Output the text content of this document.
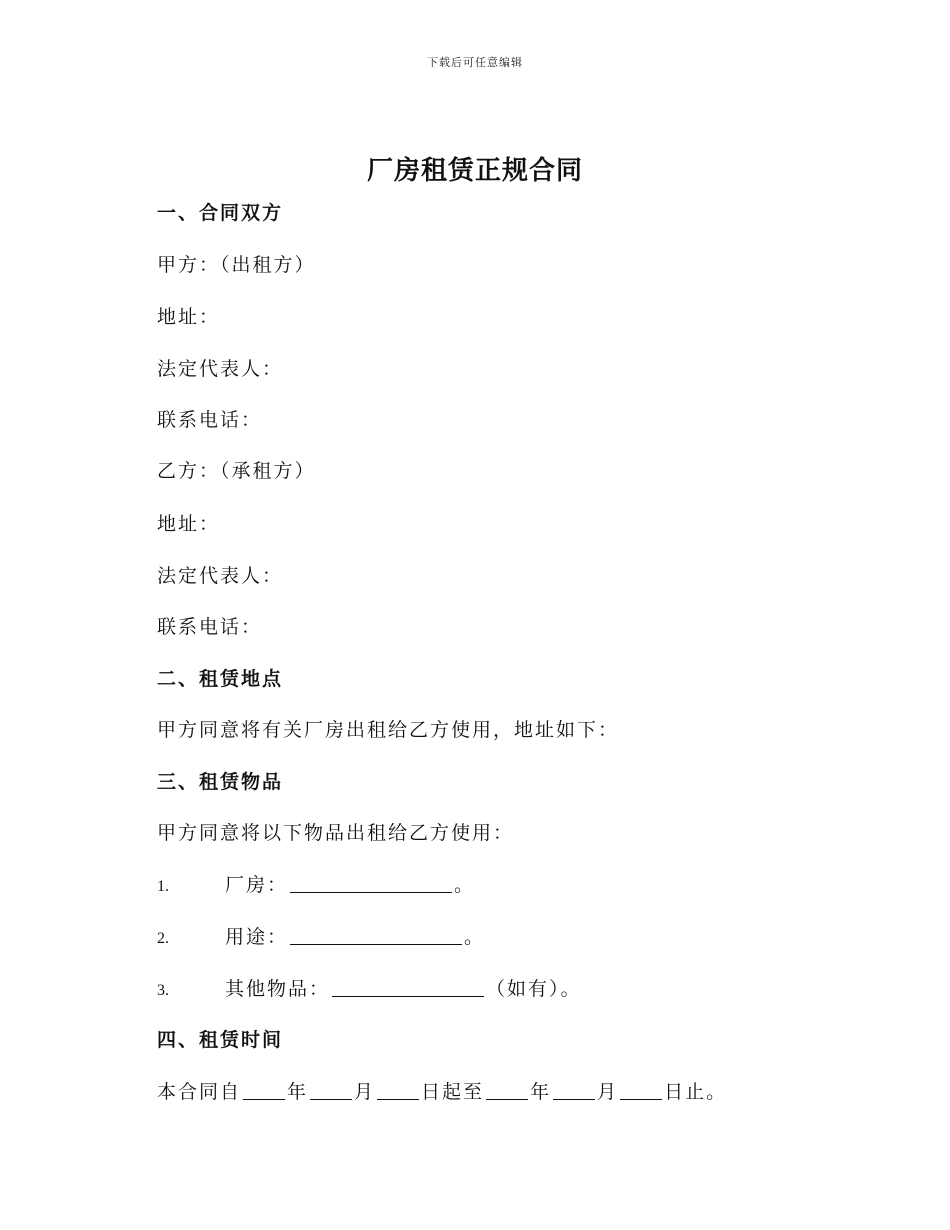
下载后可任意编辑
厂房租赁正规合同
一、合同双方
甲方：（出租方）
地址：
法定代表人：
联系电话：
乙方：（承租方）
地址：
法定代表人：
联系电话：
二、租赁地点
甲方同意将有关厂房出租给乙方使用，地址如下：
三、租赁物品
甲方同意将以下物品出租给乙方使用：
1.	厂房：	。
2.	用途：	。
3.	其他物品：	（如有）。
四、租赁时间
本合同自 年 月 日起至 年 月 日止。
